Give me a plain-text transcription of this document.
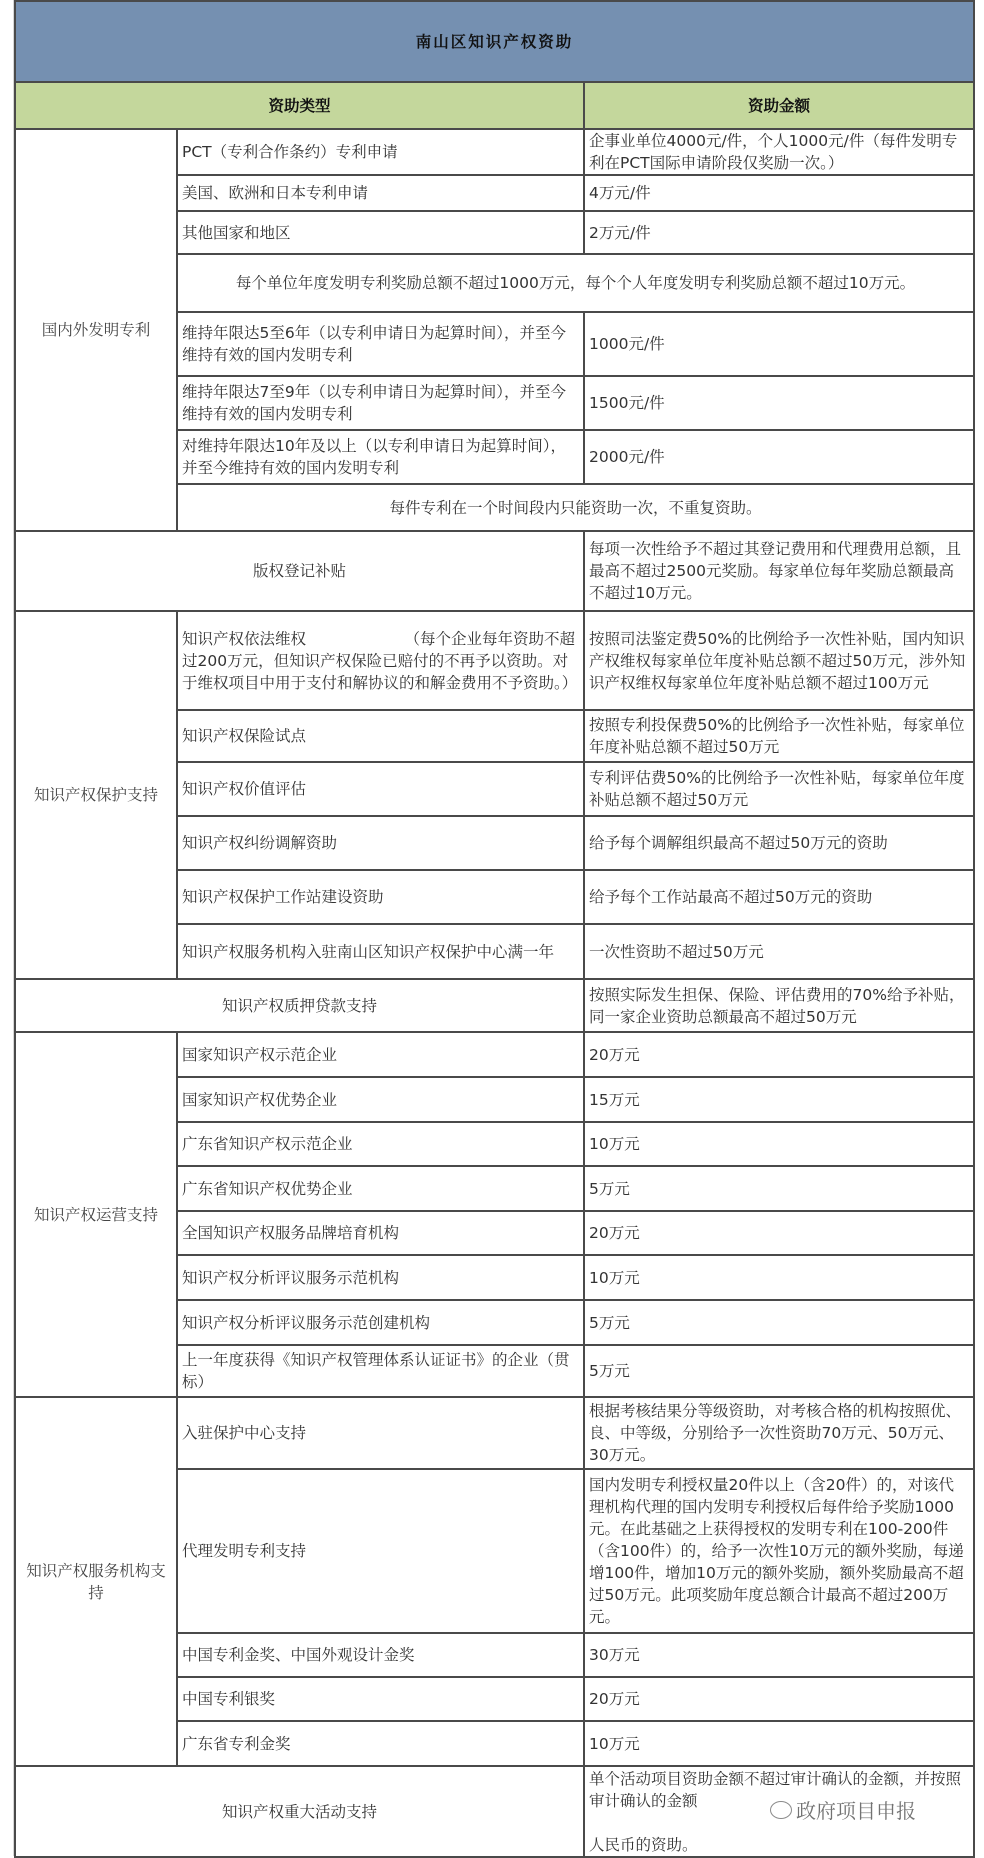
南山区知识产权资助
资助类型	资助金额
国内外发明专利	PCT（专利合作条约）专利申请	企事业单位4000元/件，个人1000元/件（每件发明专利在PCT国际申请阶段仅奖励一次。）
美国、欧洲和日本专利申请	4万元/件
其他国家和地区	2万元/件
每个单位年度发明专利奖励总额不超过1000万元，每个个人年度发明专利奖励总额不超过10万元。
维持年限达5至6年（以专利申请日为起算时间），并至今维持有效的国内发明专利	1000元/件
维持年限达7至9年（以专利申请日为起算时间），并至今维持有效的国内发明专利	1500元/件
对维持年限达10年及以上（以专利申请日为起算时间），并至今维持有效的国内发明专利	2000元/件
每件专利在一个时间段内只能资助一次，不重复资助。
版权登记补贴	每项一次性给予不超过其登记费用和代理费用总额，且最高不超过2500元奖励。每家单位每年奖励总额最高不超过10万元。
知识产权保护支持	知识产权依法维权                    （每个企业每年资助不超过200万元，但知识产权保险已赔付的不再予以资助。对于维权项目中用于支付和解协议的和解金费用不予资助。）	按照司法鉴定费50%的比例给予一次性补贴，国内知识产权维权每家单位年度补贴总额不超过50万元，涉外知识产权维权每家单位年度补贴总额不超过100万元
知识产权保险试点	按照专利投保费50%的比例给予一次性补贴，每家单位年度补贴总额不超过50万元
知识产权价值评估	专利评估费50%的比例给予一次性补贴，每家单位年度补贴总额不超过50万元
知识产权纠纷调解资助	给予每个调解组织最高不超过50万元的资助
知识产权保护工作站建设资助	给予每个工作站最高不超过50万元的资助
知识产权服务机构入驻南山区知识产权保护中心满一年	一次性资助不超过50万元
知识产权质押贷款支持	按照实际发生担保、保险、评估费用的70%给予补贴，同一家企业资助总额最高不超过50万元
知识产权运营支持	国家知识产权示范企业	20万元
国家知识产权优势企业	15万元
广东省知识产权示范企业	10万元
广东省知识产权优势企业	5万元
全国知识产权服务品牌培育机构	20万元
知识产权分析评议服务示范机构	10万元
知识产权分析评议服务示范创建机构	5万元
上一年度获得《知识产权管理体系认证证书》的企业（贯标）	5万元
知识产权服务机构支持	入驻保护中心支持	根据考核结果分等级资助，对考核合格的机构按照优、良、中等级，分别给予一次性资助70万元、50万元、30万元。
代理发明专利支持	国内发明专利授权量20件以上（含20件）的，对该代理机构代理的国内发明专利授权后每件给予奖励1000元。在此基础之上获得授权的发明专利在100-200件（含100件）的，给予一次性10万元的额外奖励，每递增100件，增加10万元的额外奖励，额外奖励最高不超过50万元。此项奖励年度总额合计最高不超过200万元。
中国专利金奖、中国外观设计金奖	30万元
中国专利银奖	20万元
广东省专利金奖	10万元
知识产权重大活动支持	单个活动项目资助金额不超过审计确认的金额，并按照审计确认的金额

人民币的资助。
政府项目申报
